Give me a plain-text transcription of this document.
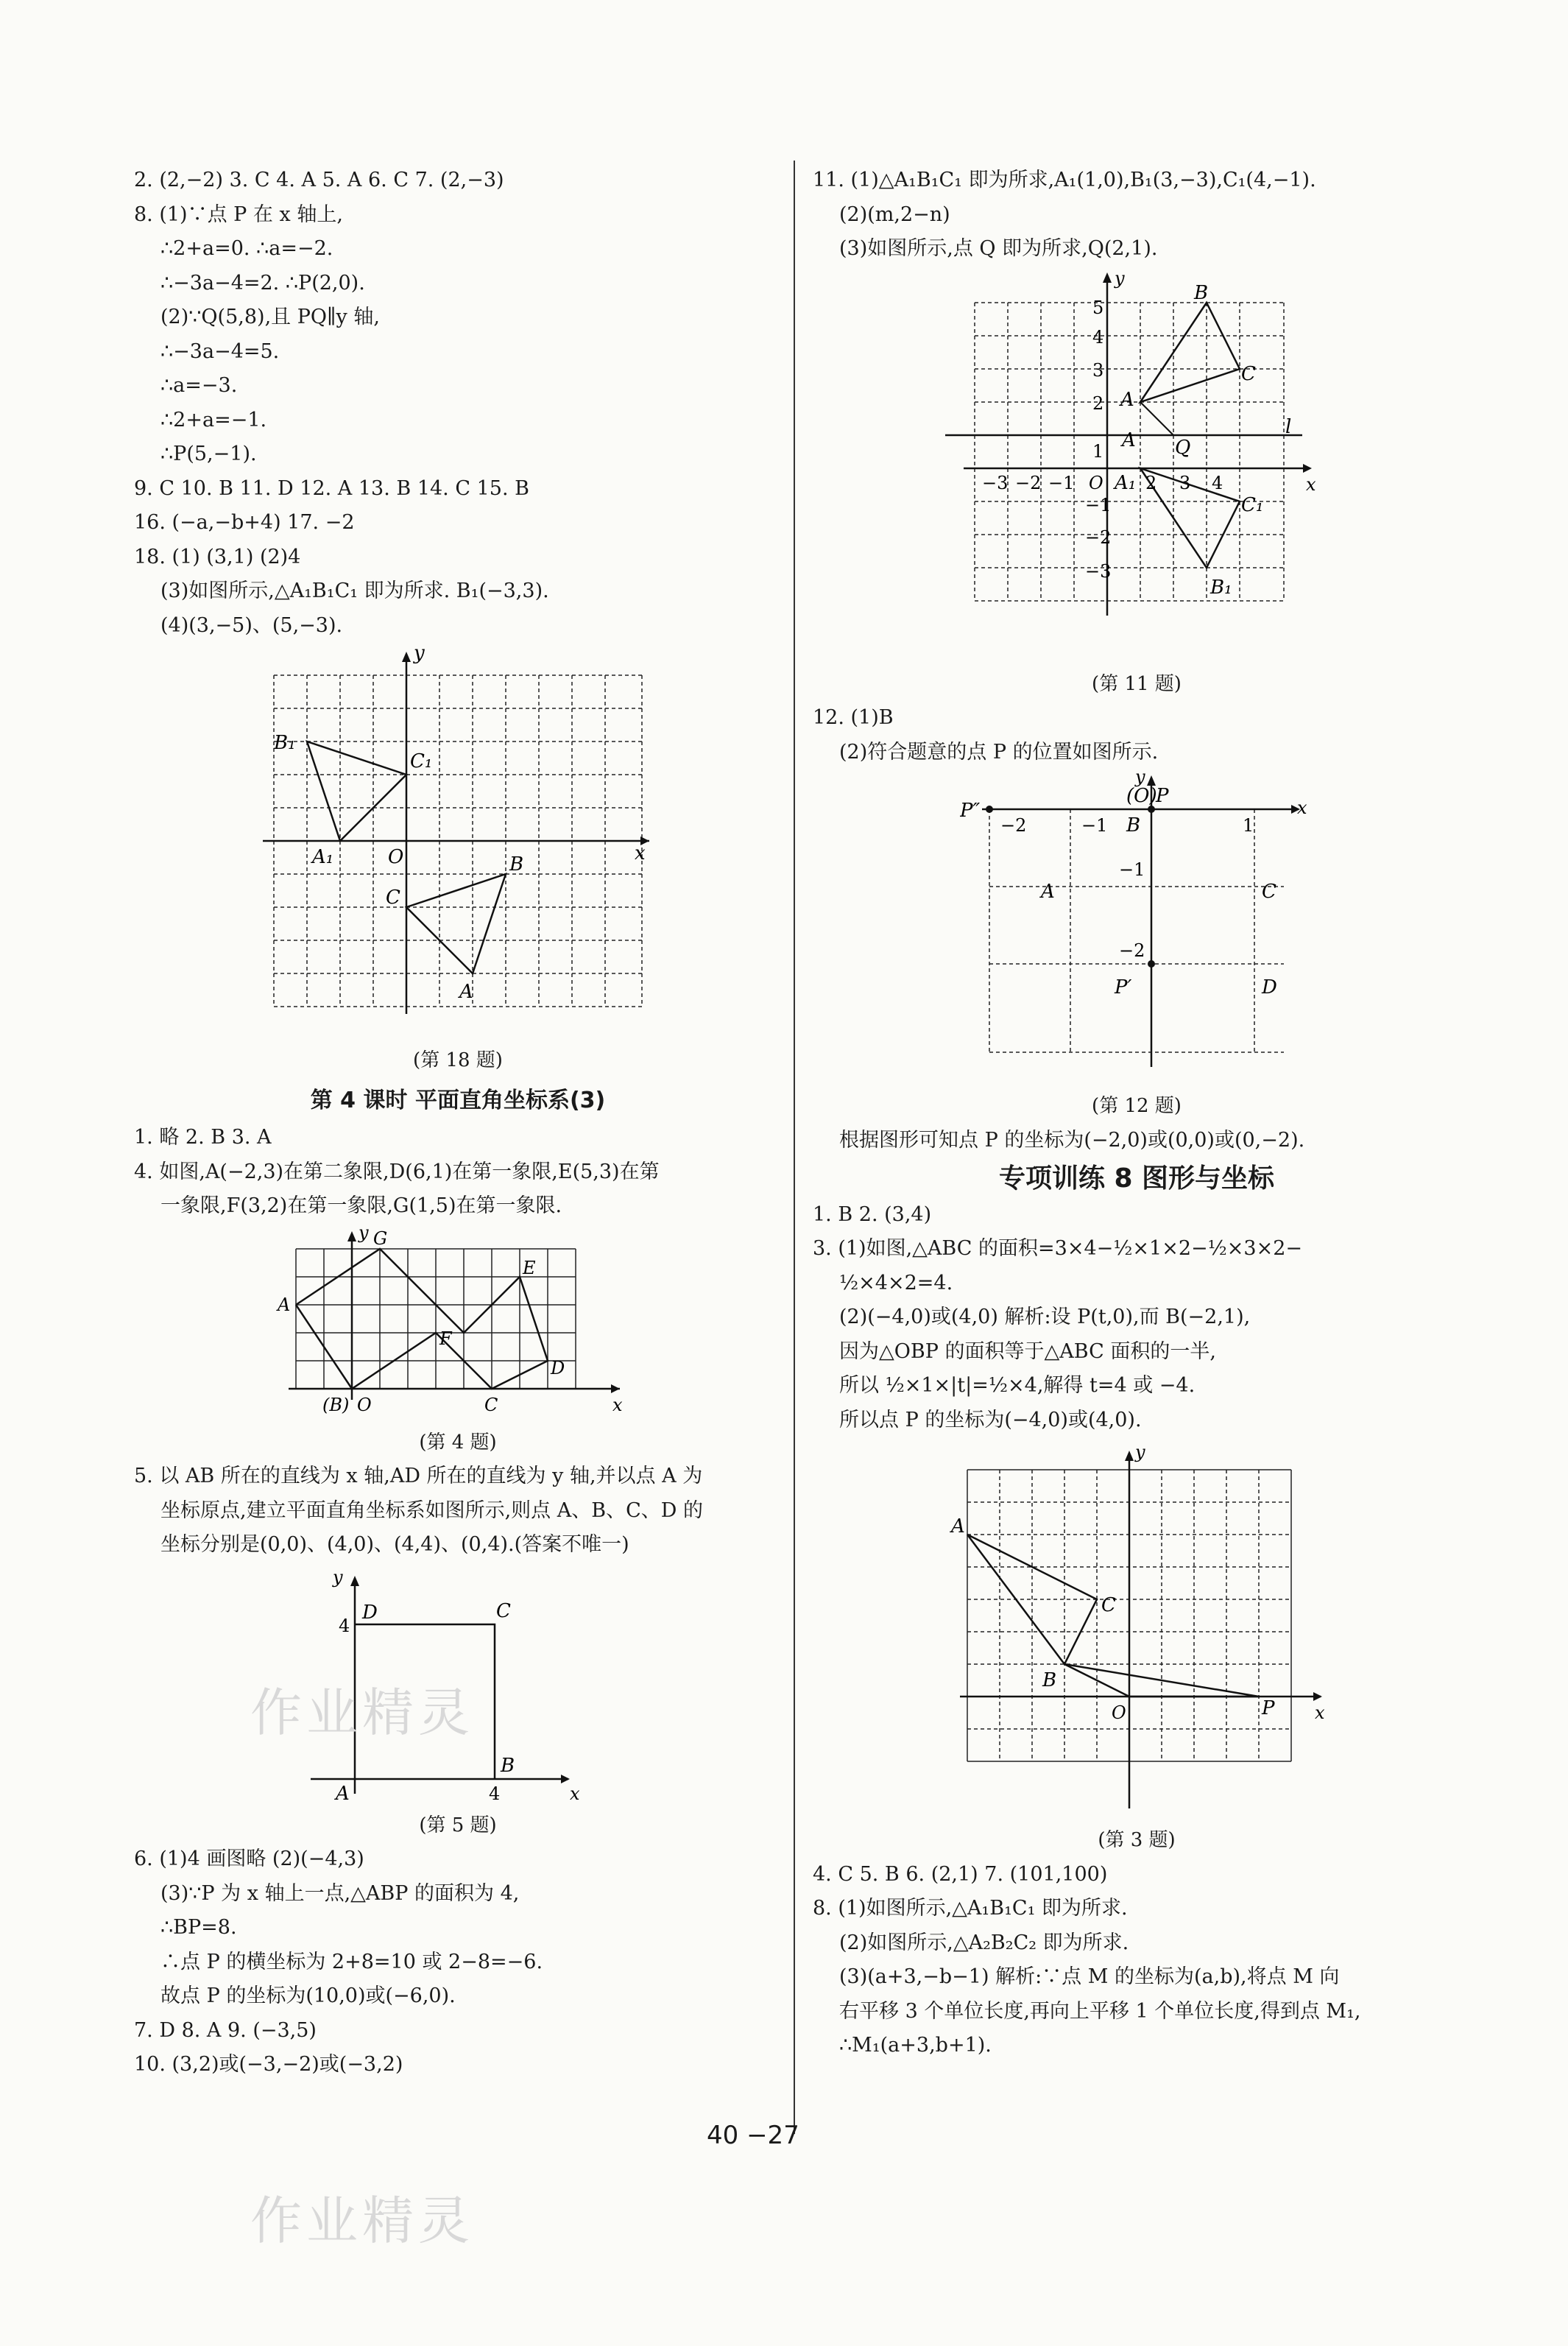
2. (2,−2) 3. C 4. A 5. A 6. C 7. (2,−3)
8. (1)∵点 P 在 x 轴上,
∴2+a=0. ∴a=−2.
∴−3a−4=2. ∴P(2,0).
(2)∵Q(5,8),且 PQ∥y 轴,
∴−3a−4=5.
∴a=−3.
∴2+a=−1.
∴P(5,−1).
9. C 10. B 11. D 12. A 13. B 14. C 15. B
16. (−a,−b+4) 17. −2
18. (1) (3,1) (2)4
(3)如图所示,△A₁B₁C₁ 即为所求. B₁(−3,3).
(4)(3,−5)、(5,−3).
y
x
O
B₁
C₁
A₁	B
C
A
(第 18 题)
第 4 课时 平面直角坐标系(3)
1. 略 2. B 3. A
4. 如图,A(−2,3)在第二象限,D(6,1)在第一象限,E(5,3)在第
一象限,F(3,2)在第一象限,G(1,5)在第一象限.
y
x
A
G
F
E
D
C
(B) O
(第 4 题)
5. 以 AB 所在的直线为 x 轴,AD 所在的直线为 y 轴,并以点 A 为
坐标原点,建立平面直角坐标系如图所示,则点 A、B、C、D 的
坐标分别是(0,0)、(4,0)、(4,4)、(0,4).(答案不唯一)
y
x
4
D	C
B
A	4
(第 5 题)
6. (1)4 画图略 (2)(−4,3)
(3)∵P 为 x 轴上一点,△ABP 的面积为 4,
∴BP=8.
∴点 P 的横坐标为 2+8=10 或 2−8=−6.
故点 P 的坐标为(10,0)或(−6,0).
7. D 8. A 9. (−3,5)
10. (3,2)或(−3,−2)或(−3,2)
11. (1)△A₁B₁C₁ 即为所求,A₁(1,0),B₁(3,−3),C₁(4,−1).
(2)(m,2−n)
(3)如图所示,点 Q 即为所求,Q(2,1).
y
x
l
B
C
A
Q
A
A₁
C₁
B₁
O
5
4
3
2
1
−1
−2
−3
−3 −2 −1	2 3 4
(第 11 题)
12. (1)B
(2)符合题意的点 P 的位置如图所示.
y
x
P″
(O)
P
−2	−1 B	1
−1
A	C
−2
P′	D
(第 12 题)
根据图形可知点 P 的坐标为(−2,0)或(0,0)或(0,−2).
专项训练 8 图形与坐标
1. B 2. (3,4)
3. (1)如图,△ABC 的面积=3×4−½×1×2−½×3×2−
½×4×2=4.
(2)(−4,0)或(4,0) 解析:设 P(t,0),而 B(−2,1),
因为△OBP 的面积等于△ABC 面积的一半,
所以 ½×1×|t|=½×4,解得 t=4 或 −4.
所以点 P 的坐标为(−4,0)或(4,0).
y
x
A
C
B
O	P
(第 3 题)
4. C 5. B 6. (2,1) 7. (101,100)
8. (1)如图所示,△A₁B₁C₁ 即为所求.
(2)如图所示,△A₂B₂C₂ 即为所求.
(3)(a+3,−b−1) 解析:∵点 M 的坐标为(a,b),将点 M 向
右平移 3 个单位长度,再向上平移 1 个单位长度,得到点 M₁,
∴M₁(a+3,b+1).
作业精灵
作业精灵
40 −27
